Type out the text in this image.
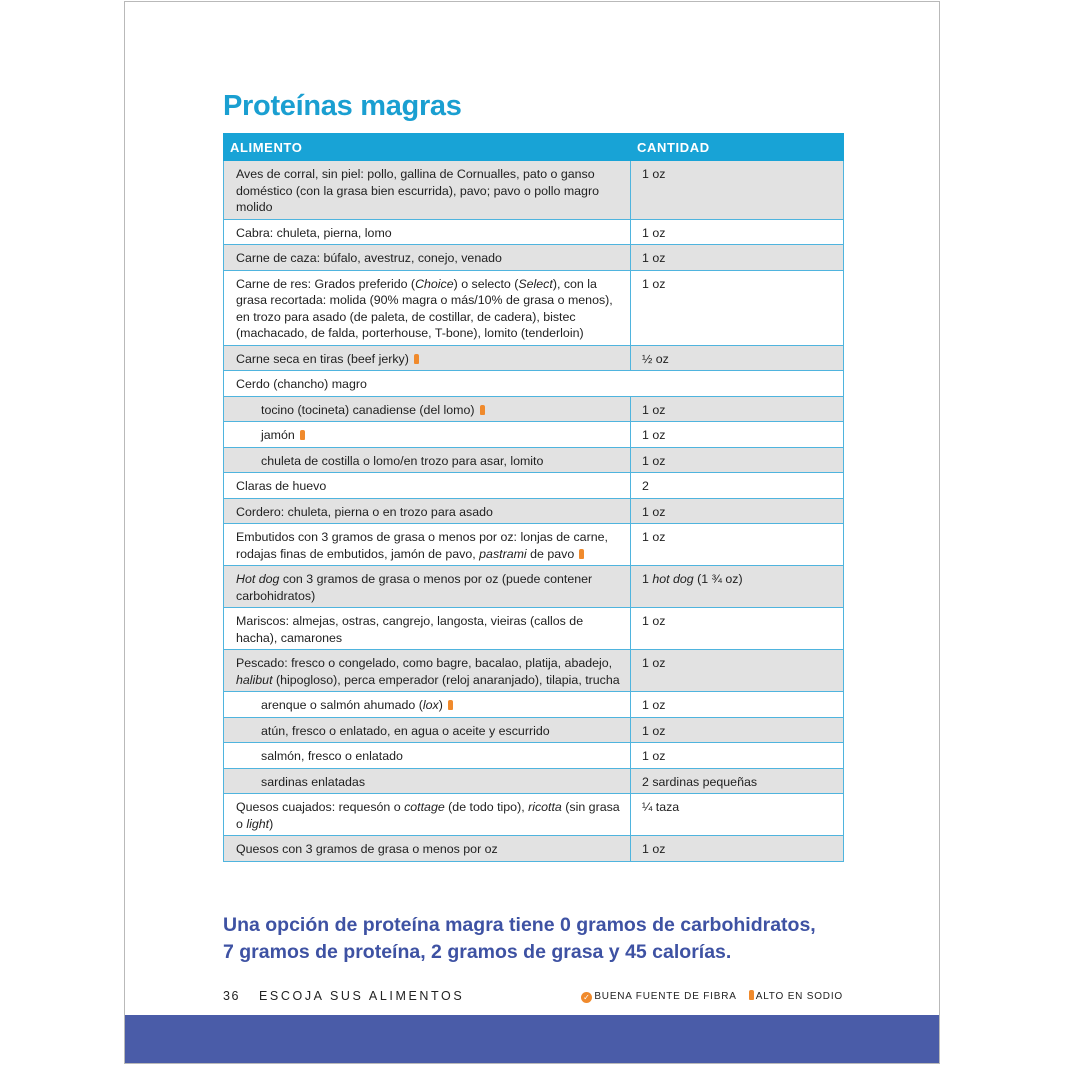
Proteínas magras
ALIMENTO	CANTIDAD
Aves de corral, sin piel: pollo, gallina de Cornualles, pato o ganso doméstico (con la grasa bien escurrida), pavo; pavo o pollo magro molido	1 oz
Cabra: chuleta, pierna, lomo	1 oz
Carne de caza: búfalo, avestruz, conejo, venado	1 oz
Carne de res: Grados preferido (Choice) o selecto (Select), con la grasa recortada: molida (90% magra o más/10% de grasa o menos), en trozo para asado (de paleta, de costillar, de cadera), bistec (machacado, de falda, porterhouse, T-bone), lomito (tenderloin)	1 oz
Carne seca en tiras (beef jerky)	½ oz
Cerdo (chancho) magro	
tocino (tocineta) canadiense (del lomo)	1 oz
jamón	1 oz
chuleta de costilla o lomo/en trozo para asar, lomito	1 oz
Claras de huevo	2
Cordero: chuleta, pierna o en trozo para asado	1 oz
Embutidos con 3 gramos de grasa o menos por oz: lonjas de carne, rodajas finas de embutidos, jamón de pavo, pastrami de pavo	1 oz
Hot dog con 3 gramos de grasa o menos por oz (puede contener carbohidratos)	1 hot dog (1 ¾ oz)
Mariscos: almejas, ostras, cangrejo, langosta, vieiras (callos de hacha), camarones	1 oz
Pescado: fresco o congelado, como bagre, bacalao, platija, abadejo, halibut (hipogloso), perca emperador (reloj anaranjado), tilapia, trucha	1 oz
arenque o salmón ahumado (lox)	1 oz
atún, fresco o enlatado, en agua o aceite y escurrido	1 oz
salmón, fresco o enlatado	1 oz
sardinas enlatadas	2 sardinas pequeñas
Quesos cuajados: requesón o cottage (de todo tipo), ricotta (sin grasa o light)	¼ taza
Quesos con 3 gramos de grasa o menos por oz	1 oz

Una opción de proteína magra tiene 0 gramos de carbohidratos,
7 gramos de proteína, 2 gramos de grasa y 45 calorías.

36 ESCOJA SUS ALIMENTOS	✓ BUENA FUENTE DE FIBRA ALTO EN SODIO
